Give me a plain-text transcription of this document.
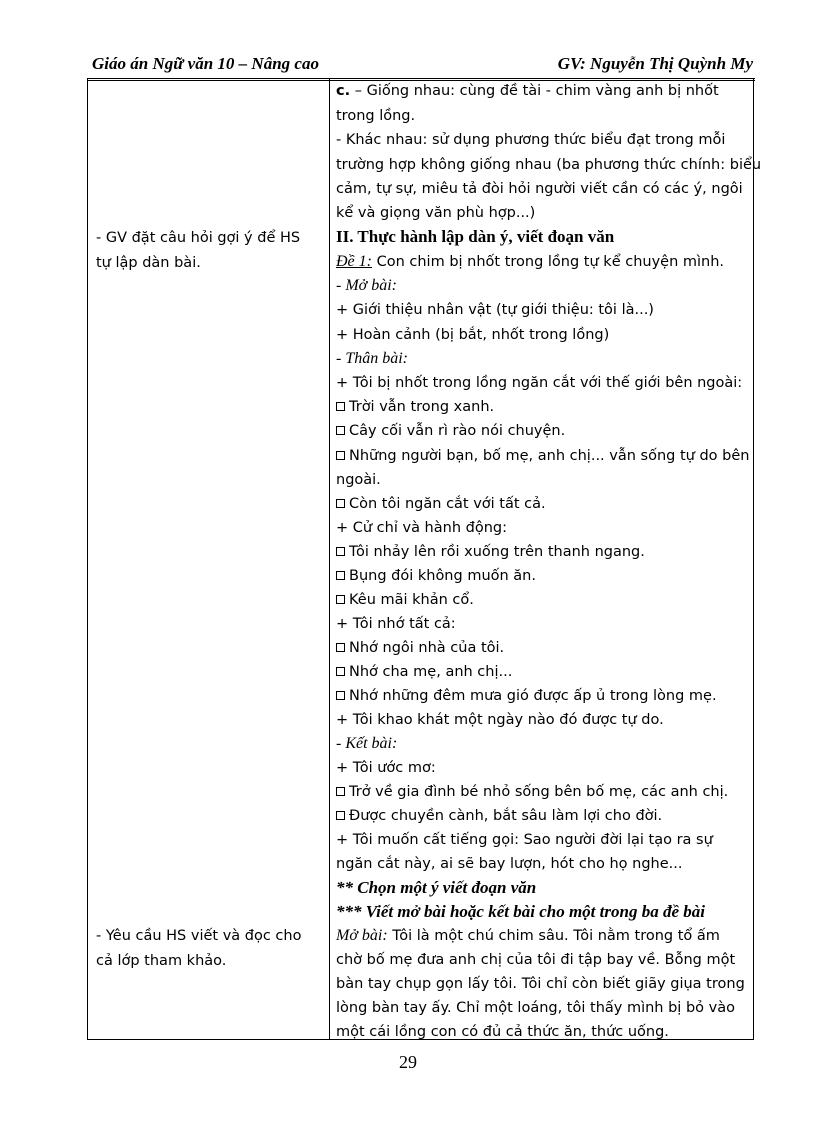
Giáo án Ngữ văn 10 – Nâng cao	GV: Nguyễn Thị Quỳnh My
- GV đặt câu hỏi gợi ý để HS
tự lập dàn bài.
- Yêu cầu HS viết và đọc cho
cả lớp tham khảo.
c. – Giống nhau: cùng đề tài - chim vàng anh bị nhốt
trong lồng.
- Khác nhau: sử dụng phương thức biểu đạt trong mỗi
trường hợp không giống nhau (ba phương thức chính: biểu
cảm, tự sự, miêu tả đòi hỏi người viết cần có các ý, ngôi
kể và giọng văn phù hợp...)
II. Thực hành lập dàn ý, viết đoạn văn
Đề 1: Con chim bị nhốt trong lồng tự kể chuyện mình.
- Mở bài:
+ Giới thiệu nhân vật (tự giới thiệu: tôi là...)
+ Hoàn cảnh (bị bắt, nhốt trong lồng)
- Thân bài:
+ Tôi bị nhốt trong lồng ngăn cắt với thế giới bên ngoài:
Trời vẫn trong xanh.
Cây cối vẫn rì rào nói chuyện.
Những người bạn, bố mẹ, anh chị... vẫn sống tự do bên
ngoài.
Còn tôi ngăn cắt với tất cả.
+ Cử chỉ và hành động:
Tôi nhảy lên rồi xuống trên thanh ngang.
Bụng đói không muốn ăn.
Kêu mãi khản cổ.
+ Tôi nhớ tất cả:
Nhớ ngôi nhà của tôi.
Nhớ cha mẹ, anh chị...
Nhớ những đêm mưa gió được ấp ủ trong lòng mẹ.
+ Tôi khao khát một ngày nào đó được tự do.
- Kết bài:
+ Tôi ước mơ:
Trở về gia đình bé nhỏ sống bên bố mẹ, các anh chị.
Được chuyền cành, bắt sâu làm lợi cho đời.
+ Tôi muốn cất tiếng gọi: Sao người đời lại tạo ra sự
ngăn cắt này, ai sẽ bay lượn, hót cho họ nghe...
** Chọn một ý viết đoạn văn
*** Viết mở bài hoặc kết bài cho một trong ba đề bài
Mở bài: Tôi là một chú chim sâu. Tôi nằm trong tổ ấm
chờ bố mẹ đưa anh chị của tôi đi tập bay về. Bỗng một
bàn tay chụp gọn lấy tôi. Tôi chỉ còn biết giãy giụa trong
lòng bàn tay ấy. Chỉ một loáng, tôi thấy mình bị bỏ vào
một cái lồng con có đủ cả thức ăn, thức uống.
29
